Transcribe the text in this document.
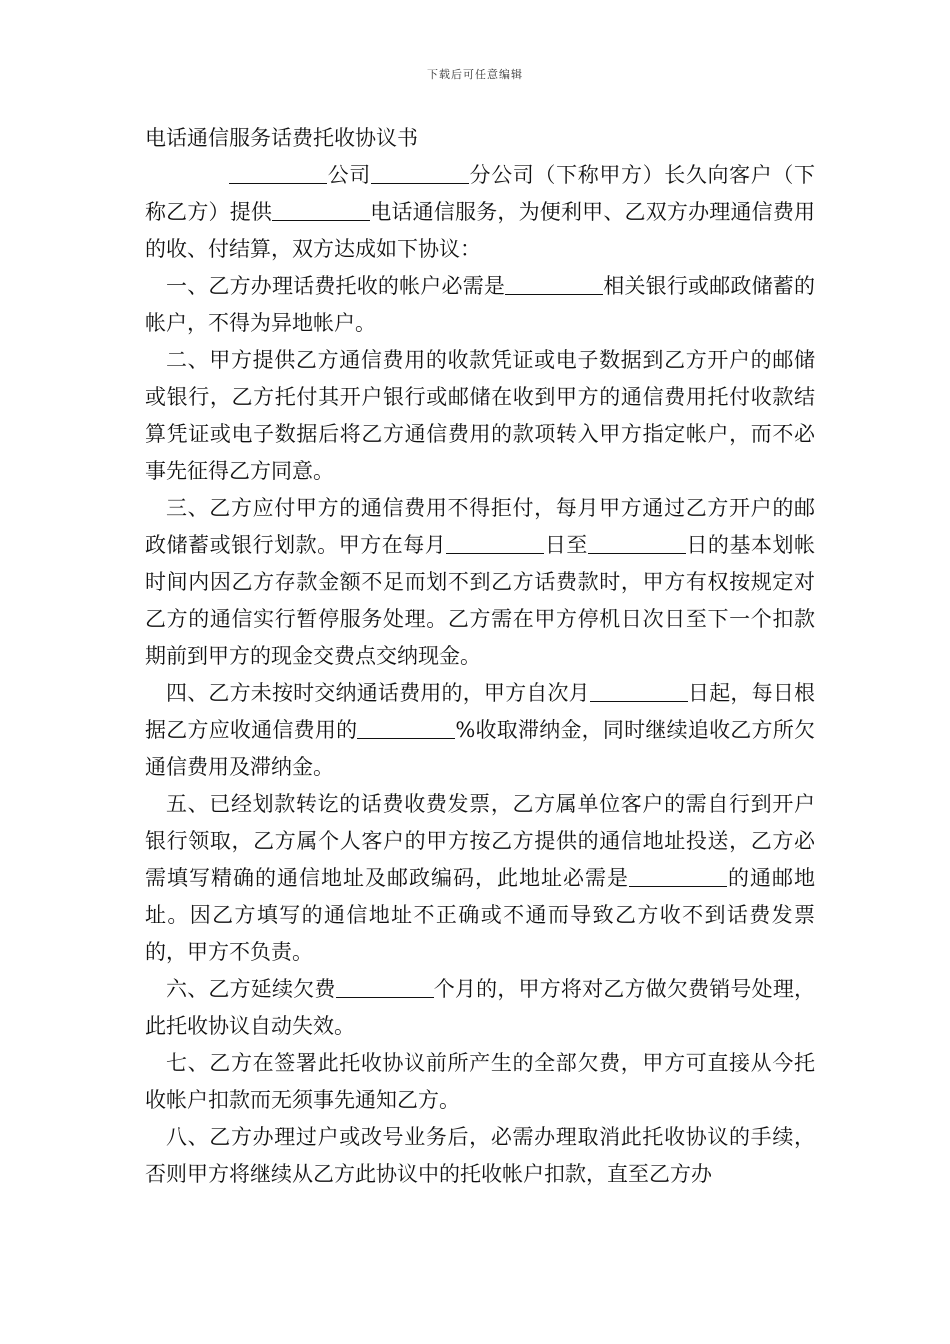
下载后可任意编辑

电话通信服务话费托收协议书

公司	分公司（下称甲方）长久向客户（下称乙方）提供	电话通信服务，为便利甲、乙双方办理通信费用的收、付结算，双方达成如下协议：

一、乙方办理话费托收的帐户必需是	相关银行或邮政储蓄的帐户，不得为异地帐户。

二、甲方提供乙方通信费用的收款凭证或电子数据到乙方开户的邮储或银行，乙方托付其开户银行或邮储在收到甲方的通信费用托付收款结算凭证或电子数据后将乙方通信费用的款项转入甲方指定帐户，而不必事先征得乙方同意。

三、乙方应付甲方的通信费用不得拒付，每月甲方通过乙方开户的邮政储蓄或银行划款。甲方在每月	日至	日的基本划帐时间内因乙方存款金额不足而划不到乙方话费款时，甲方有权按规定对乙方的通信实行暂停服务处理。乙方需在甲方停机日次日至下一个扣款期前到甲方的现金交费点交纳现金。

四、乙方未按时交纳通话费用的，甲方自次月	日起，每日根据乙方应收通信费用的	%收取滞纳金，同时继续追收乙方所欠通信费用及滞纳金。

五、已经划款转讫的话费收费发票，乙方属单位客户的需自行到开户银行领取，乙方属个人客户的甲方按乙方提供的通信地址投送，乙方必需填写精确的通信地址及邮政编码，此地址必需是	的通邮地址。因乙方填写的通信地址不正确或不通而导致乙方收不到话费发票的，甲方不负责。

六、乙方延续欠费	个月的，甲方将对乙方做欠费销号处理，此托收协议自动失效。

七、乙方在签署此托收协议前所产生的全部欠费，甲方可直接从今托收帐户扣款而无须事先通知乙方。

八、乙方办理过户或改号业务后，必需办理取消此托收协议的手续，否则甲方将继续从乙方此协议中的托收帐户扣款，直至乙方办
